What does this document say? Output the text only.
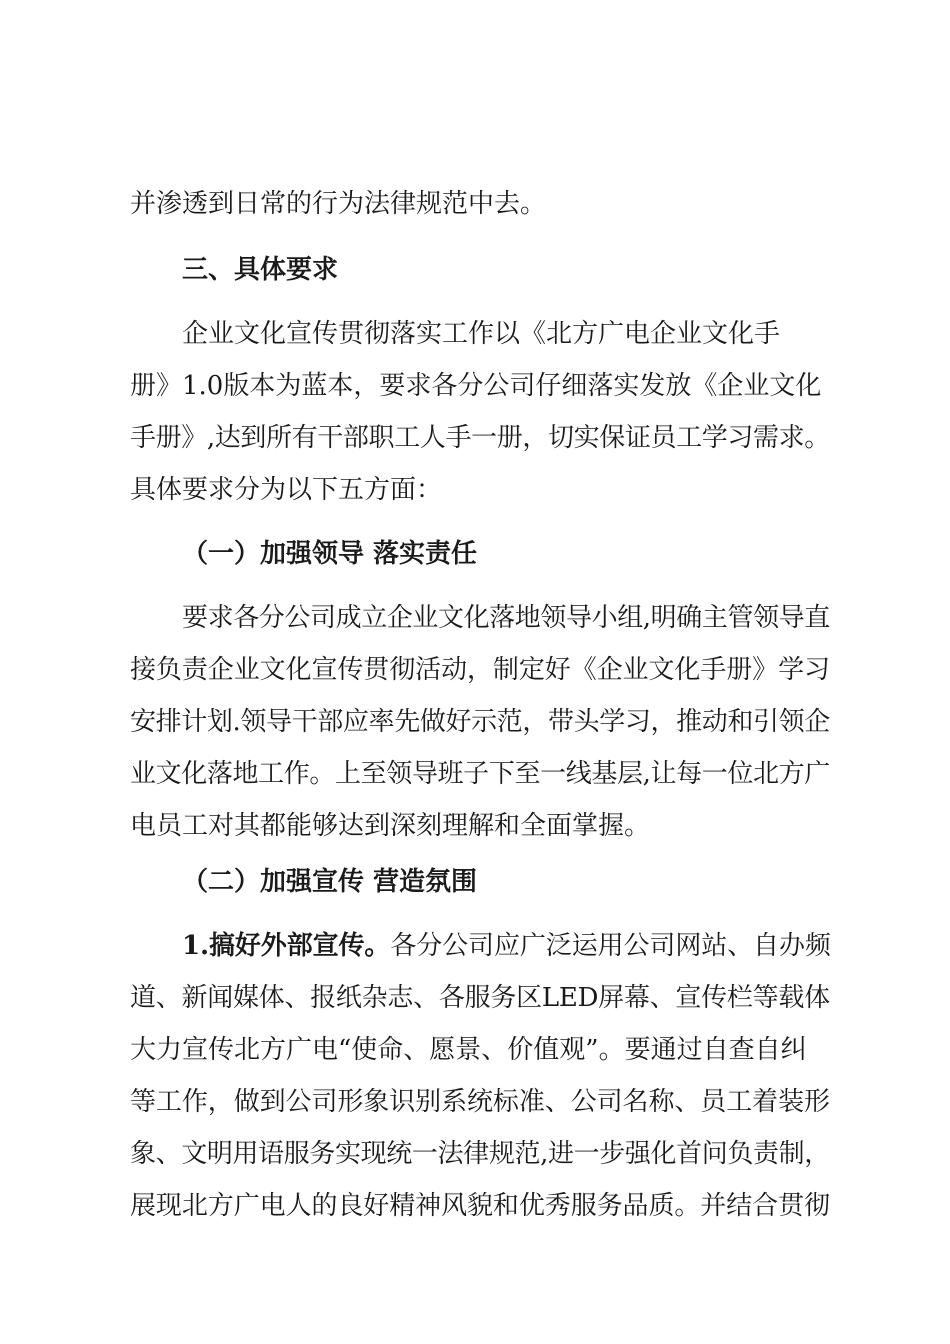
并渗透到日常的行为法律规范中去。
三、具体要求
企业文化宣传贯彻落实工作以《北方广电企业文化手
册》1.0版本为蓝本，要求各分公司仔细落实发放《企业文化
手册》,达到所有干部职工人手一册，切实保证员工学习需求。
具体要求分为以下五方面：
（一）加强领导 落实责任
要求各分公司成立企业文化落地领导小组,明确主管领导直
接负责企业文化宣传贯彻活动，制定好《企业文化手册》学习
安排计划.领导干部应率先做好示范，带头学习，推动和引领企
业文化落地工作。上至领导班子下至一线基层,让每一位北方广
电员工对其都能够达到深刻理解和全面掌握。
（二）加强宣传 营造氛围
1.搞好外部宣传。各分公司应广泛运用公司网站、自办频
道、新闻媒体、报纸杂志、各服务区LED屏幕、宣传栏等载体
大力宣传北方广电“使命、愿景、价值观”。要通过自查自纠
等工作，做到公司形象识别系统标准、公司名称、员工着装形
象、文明用语服务实现统一法律规范,进一步强化首问负责制，
展现北方广电人的良好精神风貌和优秀服务品质。并结合贯彻
